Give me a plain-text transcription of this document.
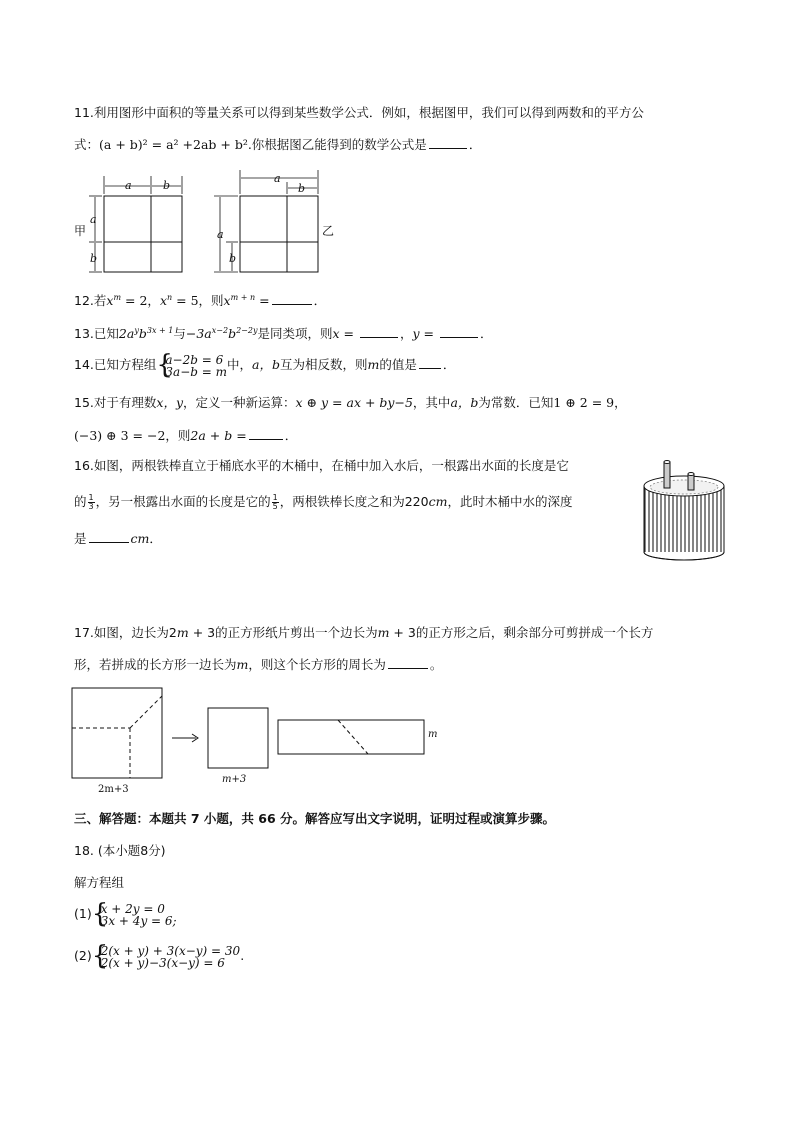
11.利用图形中面积的等量关系可以得到某些数学公式．例如，根据图甲，我们可以得到两数和的平方公
式：(a + b)² = a² +2ab + b².你根据图乙能得到的数学公式是	．
甲
a	b
a
b
a
b
a
b
乙
12.若$x^m = 2$，$x^n = 5$，则$x^{m + n}$ =	．
13.已知$2a^yb^{3x + 1}$与$-3a^{x-2}b^{2-2y}$是同类项，则x =	，y =	．
14.已知方程组 {
a−2b = 6
3a−b = m 中，a，b互为相反数，则m的值是 ．
15.对于有理数x，y，定义一种新运算：x ⊕ y = ax + by−5，其中a，b为常数．已知1 ⊕ 2 = 9，
(−3) ⊕ 3 = −2，则2a + b =	．
16.如图，两根铁棒直立于桶底水平的木桶中，在桶中加入水后，一根露出水面的长度是它
的 $\frac{1}{3}$ ，另一根露出水面的长度是它的 $\frac{1}{5}$ ，两根铁棒长度之和为220cm，此时木桶中水的深度
是	cm．
17.如图，边长为2m + 3的正方形纸片剪出一个边长为m + 3的正方形之后，剩余部分可剪拼成一个长方
形，若拼成的长方形一边长为m，则这个长方形的周长为	。
2m+3
m+3
m
三、解答题：本题共 7 小题，共 66 分。解答应写出文字说明，证明过程或演算步骤。
18. (本小题8分)
解方程组
(1) {
x + 2y = 0
3x + 4y = 6;
(2) {
2(x + y) + 3(x−y) = 30
2(x + y)−3(x−y) = 6	.
